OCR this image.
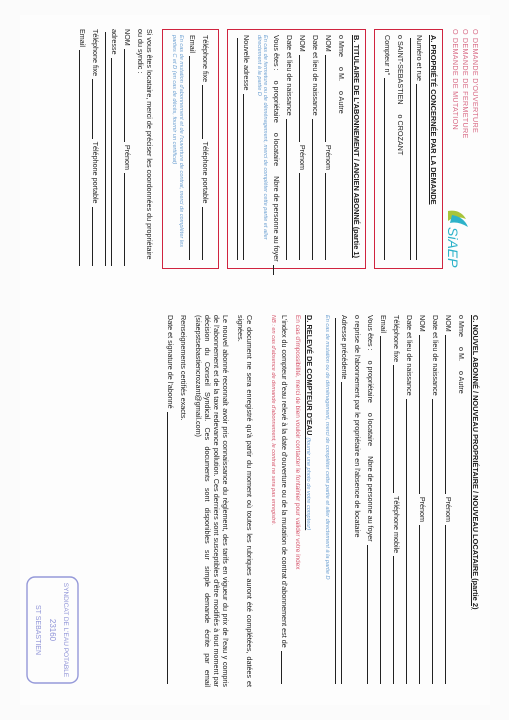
ODEMANDE D'OUVERTURE
ODEMANDE DE FERMETURE
ODEMANDE DE MUTATION
SiAEP
A. PROPRIÉTÉ CONCERNÉE PAR LA DEMANDE
Numéro et rue
o SAINT-SEBASTIEN
o CROZANT
Compteur n°
B. TITULAIRE DE L'ABONNEMENT / ANCIEN ABONNÉ (partie 1)
o Mme
o M.
o Autre
NOM
Prénom
Date et lieu de naissance
NOM
Prénom
Date et lieu de naissance
Vous êtes :
o propriétaire
o locataire
Nbre de personne au foyer
En cas de fermeture ou de déménagement, merci de compléter cette partie et aller directement à la partie D
Nouvelle adresse
Téléphone fixe
Téléphone portable
Email
En cas de mutation d'abonnement et de l'ouverture de contrat, merci de compléter les parties C et D (en cas de décès, fournir un certificat)
Si vous êtes locataire, merci de préciser les coordonnées du propriétaire ou du syndic :
NOM
Prénom
adresse
Téléphone fixe
Téléphone portable
Email
C. NOUVEL ABONNÉ / NOUVEAU PROPRIÉTAIRE / NOUVEAU LOCATAIRE (partie 2)
o Mme
o M.
o Autre
NOM
Prénom
Date et lieu de naissance
NOM
Prénom
Date et lieu de naissance
Téléphone fixe
Téléphone mobile
Email
Vous êtes :
o propriétaire
o locataire
Nbre de personne au foyer
o reprise de l'abonnement par le propriétaire en l'absence de locataire
Adresse précédente
En cas de mutation ou de déménagement, merci de compléter cette partie et aller directement à la partie D
D. RELEVÉ DE COMPTEUR D'EAU (fournir une photo de votre compteur)
En cas d'impossibilité, merci de bien vouloir contacter le fontainier pour valider votre index
L'index du compteur d'eau relevé à la date d'ouverture ou de la mutation de contrat d'abonnement est de
NB : en cas d'absence de demande d'abonnement, le contrat ne sera pas enregistré.
Ce document ne sera enregistré qu'à partir du moment où toutes les rubriques auront été complétées, datées et signées.
Le nouvel abonné reconnaît avoir pris connaissance du règlement, des tarifs en vigueur du prix de l'eau y compris de l'abonnement et de la taxe redevance pollution. Ces derniers sont susceptibles d'être modifiés à tout moment par décision du Conseil Syndical. Ces documents sont disponibles sur simple demande écrite par email (siaepstsebastiencrozant@gmail.com)
Renseignements certifiés exacts.
Date et signature de l'abonné
SYNDICAT DE L'EAU POTABLE
23160
ST SEBASTIEN
